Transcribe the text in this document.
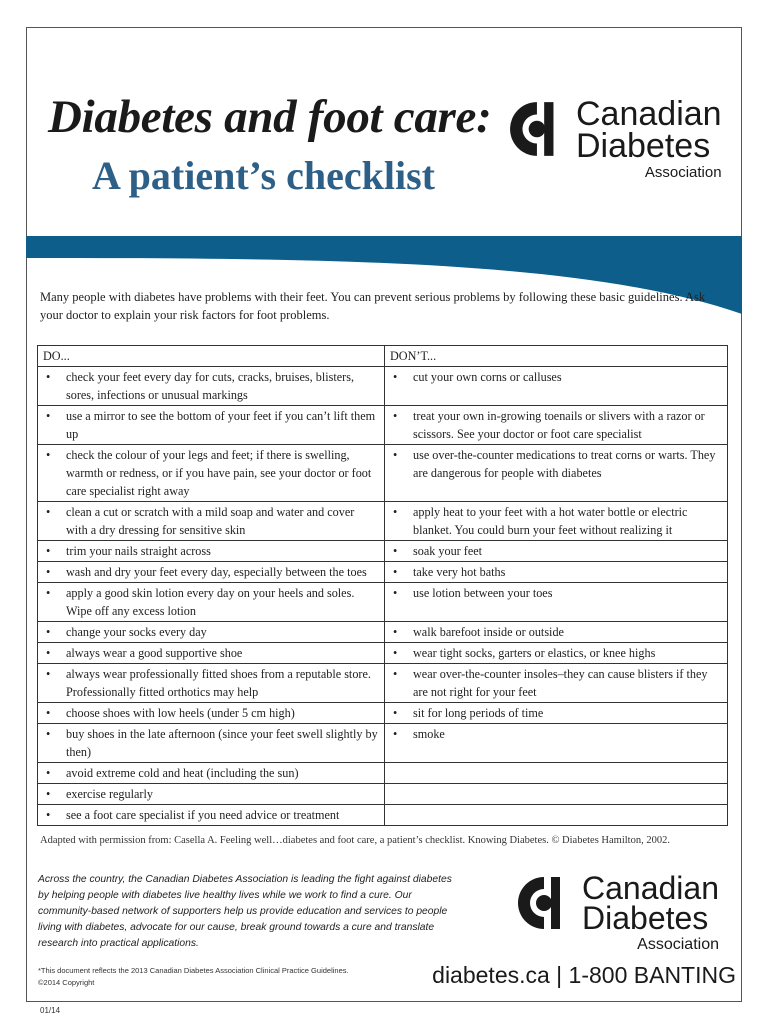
Diabetes and foot care:
A patient’s checklist
Canadian
Diabetes
Association

Many people with diabetes have problems with their feet. You can prevent serious problems by following these basic guidelines. Ask your doctor to explain your risk factors for foot problems.

DO...	DON’T...
• check your feet every day for cuts, cracks, bruises, blisters, sores, infections or unusual markings	• cut your own corns or calluses
• use a mirror to see the bottom of your feet if you can’t lift them up	• treat your own in-growing toenails or slivers with a razor or scissors. See your doctor or foot care specialist
• check the colour of your legs and feet; if there is swelling, warmth or redness, or if you have pain, see your doctor or foot care specialist right away	• use over-the-counter medications to treat corns or warts. They are dangerous for people with diabetes
• clean a cut or scratch with a mild soap and water and cover with a dry dressing for sensitive skin	• apply heat to your feet with a hot water bottle or electric blanket. You could burn your feet without realizing it
• trim your nails straight across	• soak your feet
• wash and dry your feet every day, especially between the toes	• take very hot baths
• apply a good skin lotion every day on your heels and soles. Wipe off any excess lotion	• use lotion between your toes
• change your socks every day	• walk barefoot inside or outside
• always wear a good supportive shoe	• wear tight socks, garters or elastics, or knee highs
• always wear professionally fitted shoes from a reputable store. Professionally fitted orthotics may help	• wear over-the-counter insoles–they can cause blisters if they are not right for your feet
• choose shoes with low heels (under 5 cm high)	• sit for long periods of time
• buy shoes in the late afternoon (since your feet swell slightly by then)	• smoke
• avoid extreme cold and heat (including the sun)	
• exercise regularly	
• see a foot care specialist if you need advice or treatment	

Adapted with permission from: Casella A. Feeling well…diabetes and foot care, a patient’s checklist. Knowing Diabetes. © Diabetes Hamilton, 2002.

Across the country, the Canadian Diabetes Association is leading the fight against diabetes by helping people with diabetes live healthy lives while we work to find a cure. Our community-based network of supporters help us provide education and services to people living with diabetes, advocate for our cause, break ground towards a cure and translate research into practical applications.

Canadian
Diabetes
Association
*This document reflects the 2013 Canadian Diabetes Association Clinical Practice Guidelines.
©2014 Copyright	diabetes.ca | 1-800 BANTING
01/14
